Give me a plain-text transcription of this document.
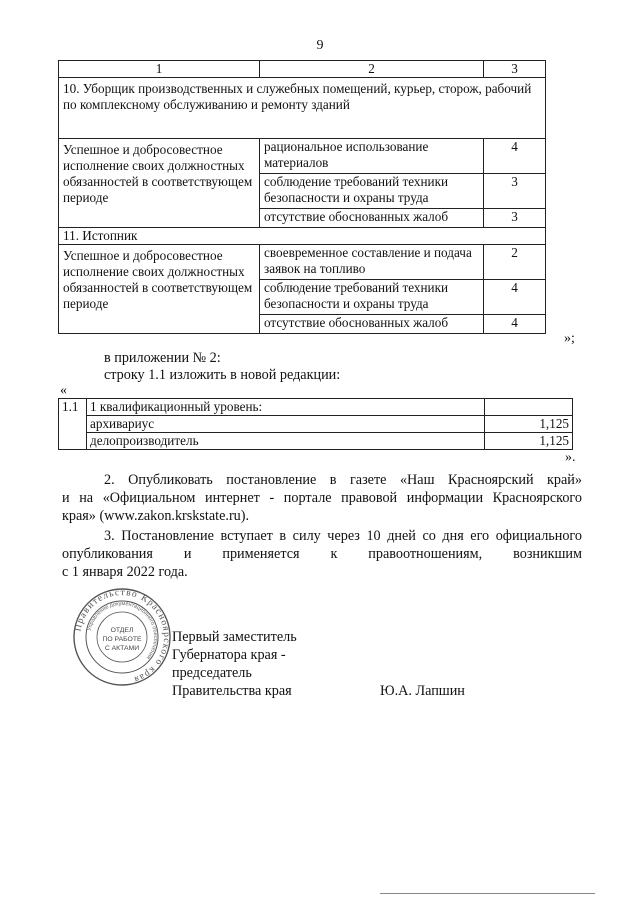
9
1	2	3
10. Уборщик производственных и служебных помещений, курьер, сторож, рабочий по комплексному обслуживанию и ремонту зданий		
Успешное и добросовестное исполнение своих должностных обязанностей в соответствующем периоде	рациональное использование материалов	4
	соблюдение требований техники безопасности и охраны труда	3
	отсутствие обоснованных жалоб	3
11. Истопник		
Успешное и добросовестное исполнение своих должностных обязанностей в соответствующем периоде	своевременное составление и подача заявок на топливо	2
	соблюдение требований техники безопасности и охраны труда	4
	отсутствие обоснованных жалоб	4
»;
в приложении № 2:
строку 1.1 изложить в новой редакции:
«
1.1	1 квалификационный уровень:	
	архивариус	1,125
	делопроизводитель	1,125
».
2. Опубликовать постановление в газете «Наш Красноярский край»
и на «Официальном интернет - портале правовой информации Красноярского
края» (www.zakon.krskstate.ru).
3. Постановление вступает в силу через 10 дней со дня его официального
опубликования и применяется к правоотношениям, возникшим
с 1 января 2022 года.
Правительство Красноярского края
Управление документационного обеспечения
ОТДЕЛ
ПО РАБОТЕ
С АКТАМИ
Первый заместитель
Губернатора края -
председатель
Правительства края	Ю.А. Лапшин
